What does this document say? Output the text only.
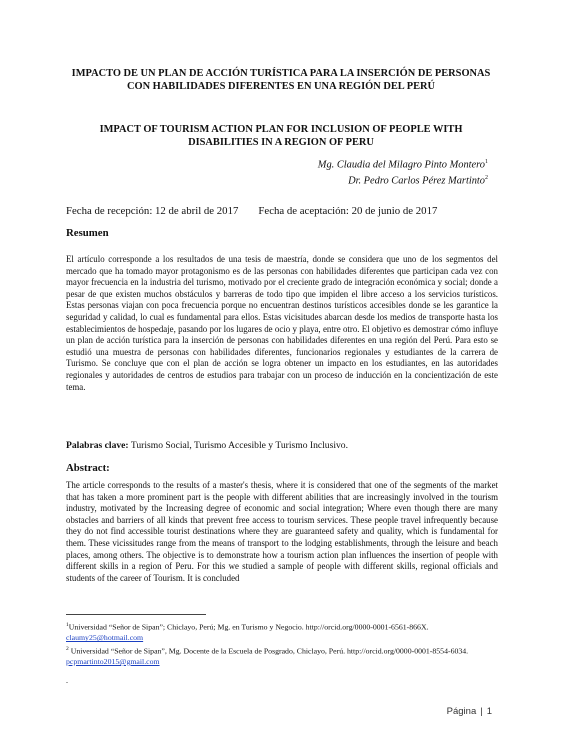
IMPACTO DE UN PLAN DE ACCIÓN TURÍSTICA PARA LA INSERCIÓN DE PERSONAS CON HABILIDADES DIFERENTES EN UNA REGIÓN DEL PERÚ
IMPACT OF TOURISM ACTION PLAN FOR INCLUSION OF PEOPLE WITH DISABILITIES IN A REGION OF PERU
Mg. Claudia del Milagro Pinto Montero$^1$
Dr. Pedro Carlos Pérez Martinto$^2$
Fecha de recepción: 12 de abril de 2017 Fecha de aceptación: 20 de junio de 2017
Resumen
El artículo corresponde a los resultados de una tesis de maestría, donde se considera que uno de los segmentos del mercado que ha tomado mayor protagonismo es de las personas con habilidades diferentes que participan cada vez con mayor frecuencia en la industria del turismo, motivado por el creciente grado de integración económica y social; donde a pesar de que existen muchos obstáculos y barreras de todo tipo que impiden el libre acceso a los servicios turísticos. Estas personas viajan con poca frecuencia porque no encuentran destinos turísticos accesibles donde se les garantice la seguridad y calidad, lo cual es fundamental para ellos. Estas vicisitudes abarcan desde los medios de transporte hasta los establecimientos de hospedaje, pasando por los lugares de ocio y playa, entre otro. El objetivo es demostrar cómo influye un plan de acción turística para la inserción de personas con habilidades diferentes en una región del Perú. Para esto se estudió una muestra de personas con habilidades diferentes, funcionarios regionales y estudiantes de la carrera de Turismo. Se concluye que con el plan de acción se logra obtener un impacto en los estudiantes, en las autoridades regionales y autoridades de centros de estudios para trabajar con un proceso de inducción en la concientización de este tema.
Palabras clave: Turismo Social, Turismo Accesible y Turismo Inclusivo.
Abstract:
The article corresponds to the results of a master's thesis, where it is considered that one of the segments of the market that has taken a more prominent part is the people with different abilities that are increasingly involved in the tourism industry, motivated by the Increasing degree of economic and social integration; Where even though there are many obstacles and barriers of all kinds that prevent free access to tourism services. These people travel infrequently because they do not find accessible tourist destinations where they are guaranteed safety and quality, which is fundamental for them. These vicissitudes range from the means of transport to the lodging establishments, through the leisure and beach places, among others. The objective is to demonstrate how a tourism action plan influences the insertion of people with different skills in a region of Peru. For this we studied a sample of people with different skills, regional officials and students of the career of Tourism. It is concluded
$^1$Universidad “Señor de Sipan”; Chiclayo, Perú; Mg. en Turismo y Negocio. http://orcid.org/0000-0001-6561-866X. claumy25@hotmail.com
$^2$ Universidad “Señor de Sipan”, Mg. Docente de la Escuela de Posgrado, Chiclayo, Perú. http://orcid.org/0000-0001-8554-6034. pcpmartinto2015@gmail.com
.
Página | 1
